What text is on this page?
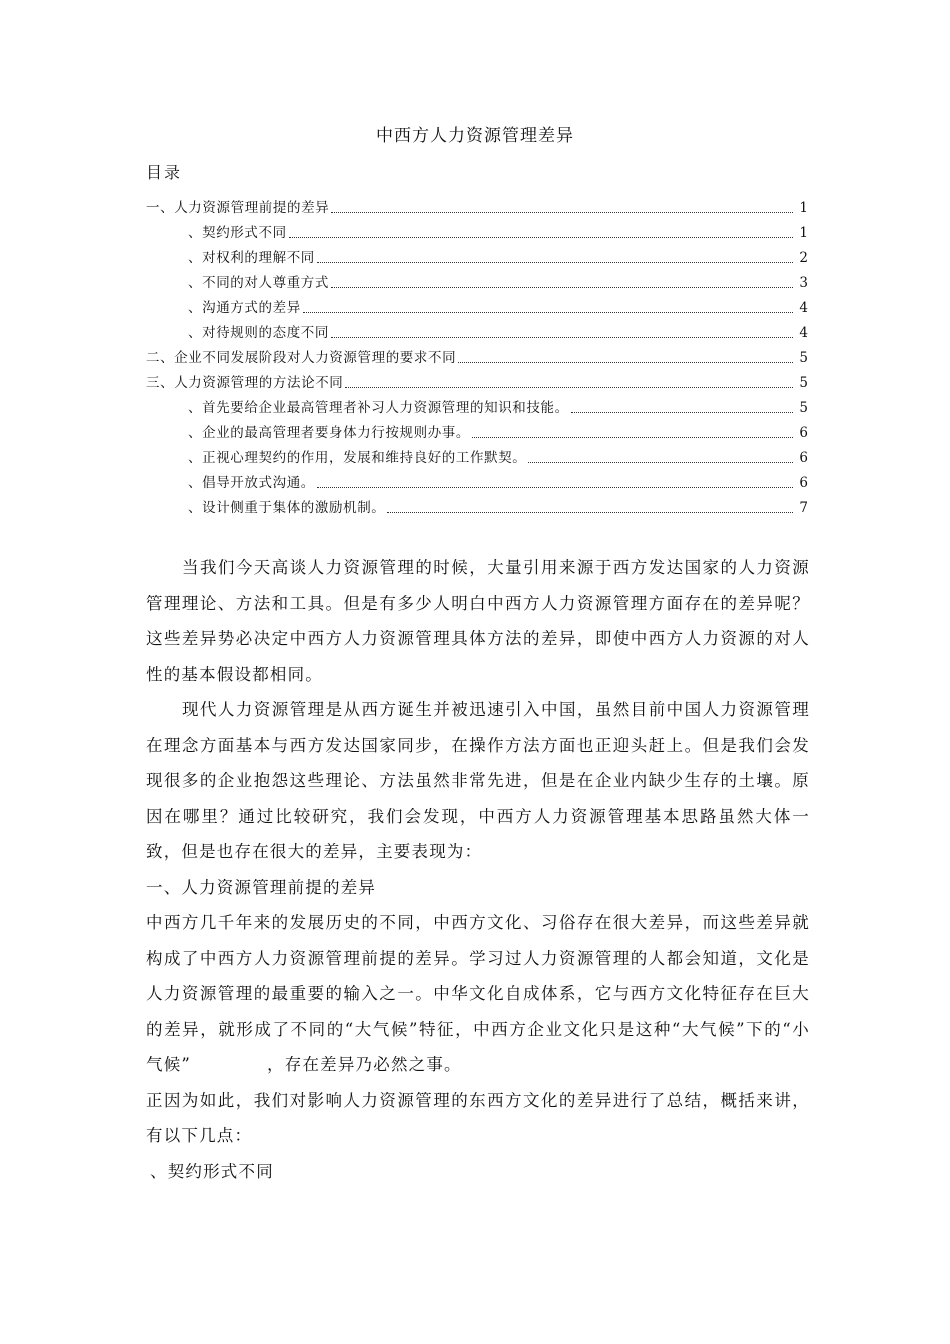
中西方人力资源管理差异
目录
一、人力资源管理前提的差异	1
、契约形式不同	1
、对权利的理解不同	2
、不同的对人尊重方式	3
、沟通方式的差异	4
、对待规则的态度不同	4
二、企业不同发展阶段对人力资源管理的要求不同	5
三、人力资源管理的方法论不同	5
、首先要给企业最高管理者补习人力资源管理的知识和技能。	5
、企业的最高管理者要身体力行按规则办事。	6
、正视心理契约的作用，发展和维持良好的工作默契。	6
、倡导开放式沟通。	6
、设计侧重于集体的激励机制。	7

当我们今天高谈人力资源管理的时候，大量引用来源于西方发达国家的人力资源管理理论、方法和工具。但是有多少人明白中西方人力资源管理方面存在的差异呢？这些差异势必决定中西方人力资源管理具体方法的差异，即使中西方人力资源的对人性的基本假设都相同。

现代人力资源管理是从西方诞生并被迅速引入中国，虽然目前中国人力资源管理在理念方面基本与西方发达国家同步，在操作方法方面也正迎头赶上。但是我们会发现很多的企业抱怨这些理论、方法虽然非常先进，但是在企业内缺少生存的土壤。原因在哪里？通过比较研究，我们会发现，中西方人力资源管理基本思路虽然大体一致，但是也存在很大的差异，主要表现为：

一、人力资源管理前提的差异

中西方几千年来的发展历史的不同，中西方文化、习俗存在很大差异，而这些差异就构成了中西方人力资源管理前提的差异。学习过人力资源管理的人都会知道，文化是人力资源管理的最重要的输入之一。中华文化自成体系，它与西方文化特征存在巨大的差异，就形成了不同的“大气候”特征，中西方企业文化只是这种“大气候”下的“小气候”	，存在差异乃必然之事。

正因为如此，我们对影响人力资源管理的东西方文化的差异进行了总结，概括来讲，有以下几点：

、契约形式不同
